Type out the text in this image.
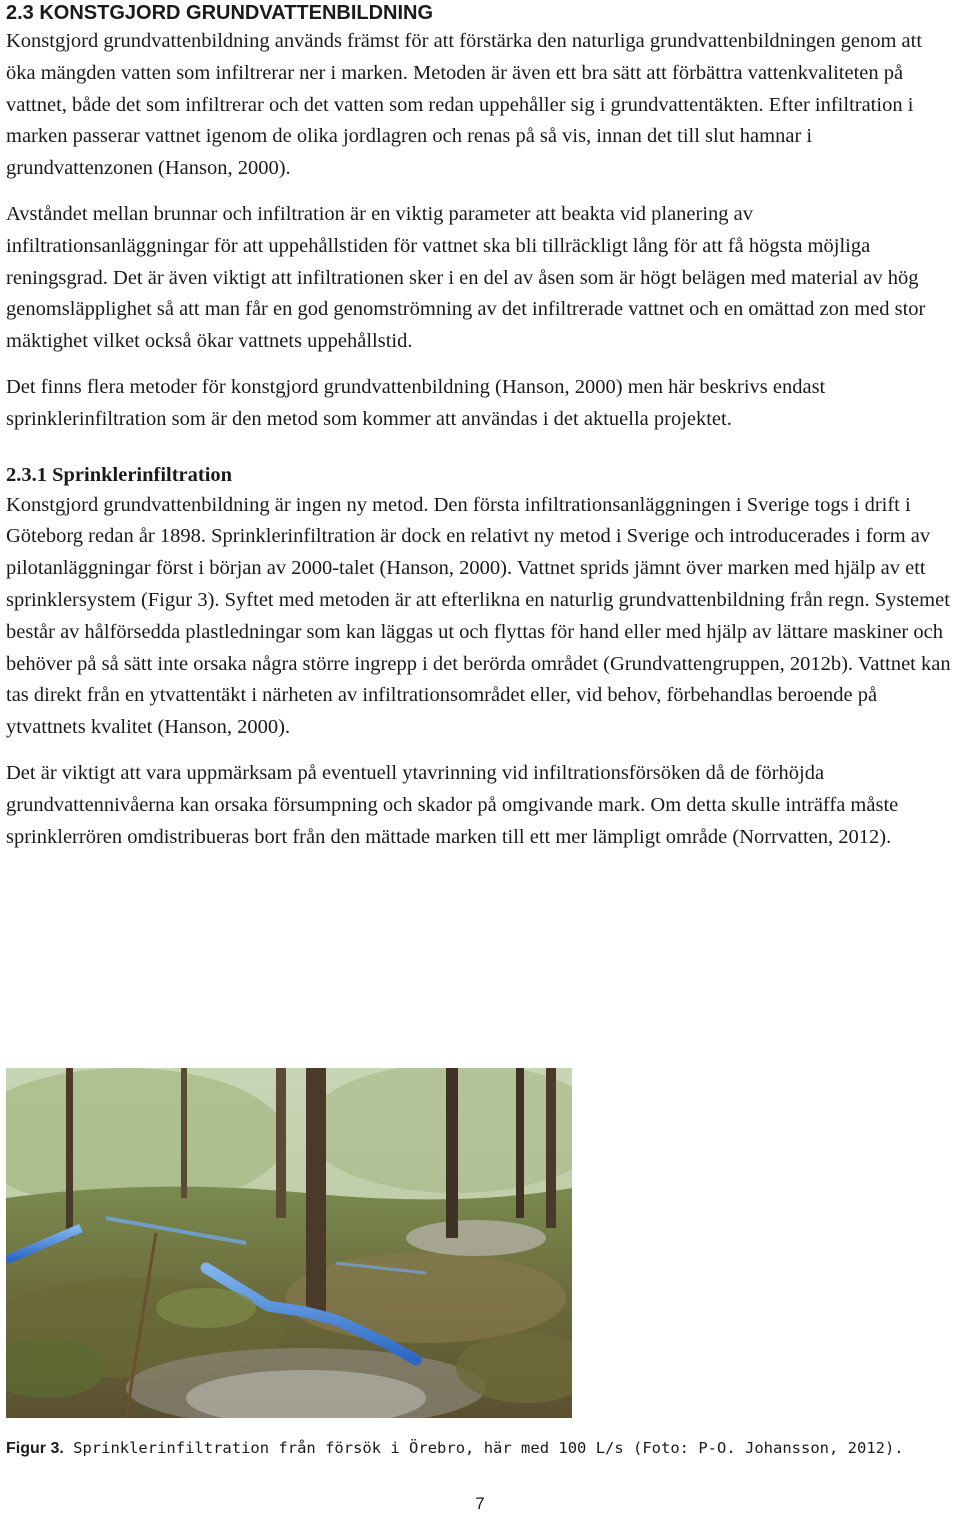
2.3 KONSTGJORD GRUNDVATTENBILDNING

Konstgjord grundvattenbildning används främst för att förstärka den naturliga grundvattenbildningen genom att öka mängden vatten som infiltrerar ner i marken. Metoden är även ett bra sätt att förbättra vattenkvaliteten på vattnet, både det som infiltrerar och det vatten som redan uppehåller sig i grundvattentäkten. Efter infiltration i marken passerar vattnet igenom de olika jordlagren och renas på så vis, innan det till slut hamnar i grundvattenzonen (Hanson, 2000).

Avståndet mellan brunnar och infiltration är en viktig parameter att beakta vid planering av infiltrationsanläggningar för att uppehållstiden för vattnet ska bli tillräckligt lång för att få högsta möjliga reningsgrad. Det är även viktigt att infiltrationen sker i en del av åsen som är högt belägen med material av hög genomsläpplighet så att man får en god genomströmning av det infiltrerade vattnet och en omättad zon med stor mäktighet vilket också ökar vattnets uppehållstid.

Det finns flera metoder för konstgjord grundvattenbildning (Hanson, 2000) men här beskrivs endast sprinklerinfiltration som är den metod som kommer att användas i det aktuella projektet.

2.3.1 Sprinklerinfiltration

Konstgjord grundvattenbildning är ingen ny metod. Den första infiltrationsanläggningen i Sverige togs i drift i Göteborg redan år 1898. Sprinklerinfiltration är dock en relativt ny metod i Sverige och introducerades i form av pilotanläggningar först i början av 2000-talet (Hanson, 2000). Vattnet sprids jämnt över marken med hjälp av ett sprinklersystem (Figur 3). Syftet med metoden är att efterlikna en naturlig grundvattenbildning från regn. Systemet består av hålförsedda plastledningar som kan läggas ut och flyttas för hand eller med hjälp av lättare maskiner och behöver på så sätt inte orsaka några större ingrepp i det berörda området (Grundvattengruppen, 2012b). Vattnet kan tas direkt från en ytvattentäkt i närheten av infiltrationsområdet eller, vid behov, förbehandlas beroende på ytvattnets kvalitet (Hanson, 2000).

Det är viktigt att vara uppmärksam på eventuell ytavrinning vid infiltrationsförsöken då de förhöjda grundvattennivåerna kan orsaka försumpning och skador på omgivande mark. Om detta skulle inträffa måste sprinklerrören omdistribueras bort från den mättade marken till ett mer lämpligt område (Norrvatten, 2012).

Figur 3. Sprinklerinfiltration från försök i Örebro, här med 100 L/s (Foto: P-O. Johansson, 2012).
7
